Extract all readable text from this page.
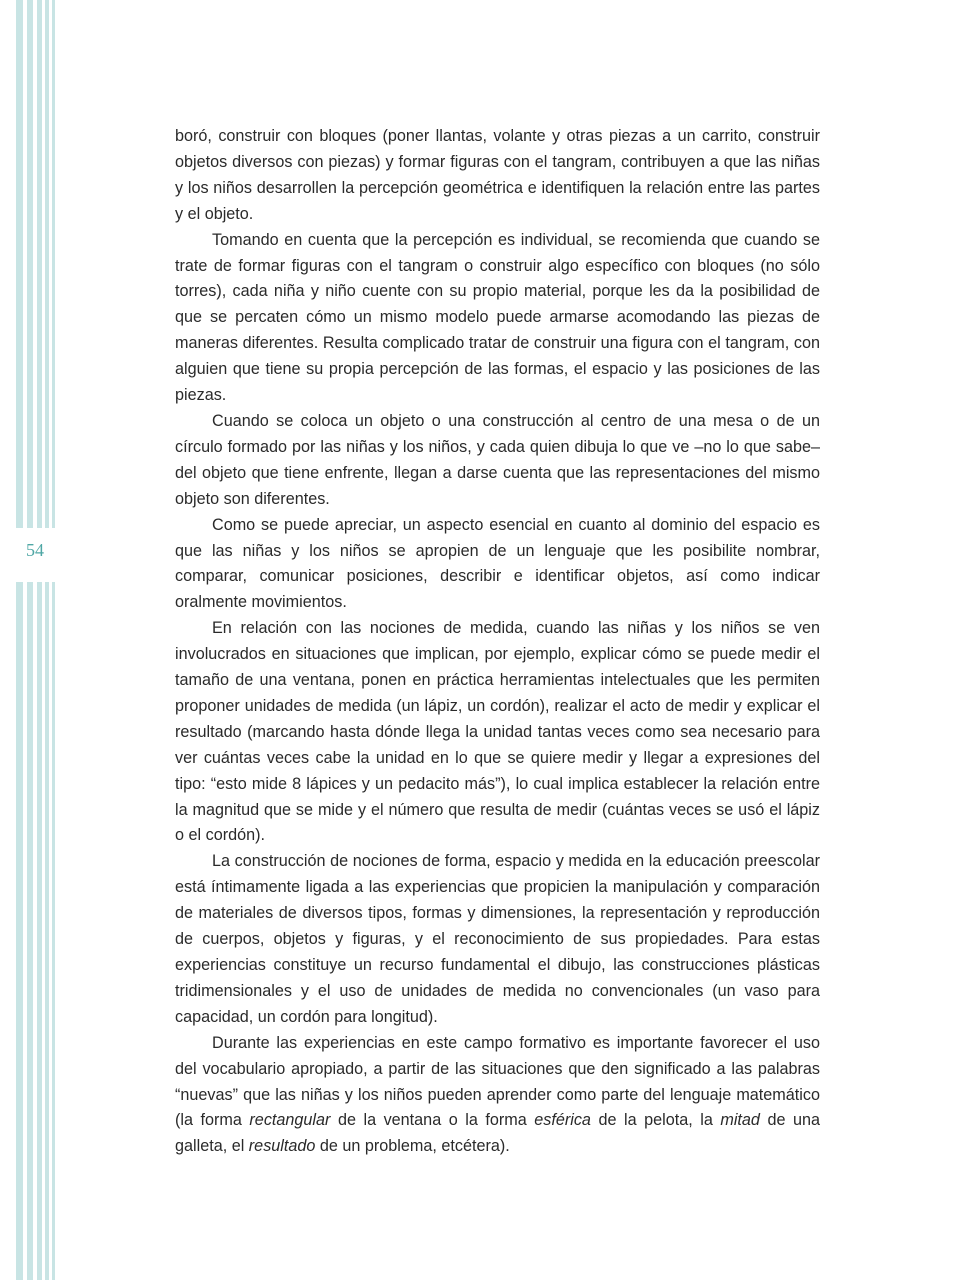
54

boró, construir con bloques (poner llantas, volante y otras piezas a un carrito, construir objetos diversos con piezas) y formar figuras con el tangram, contribuyen a que las niñas y los niños desarrollen la percepción geométrica e identifiquen la relación entre las partes y el objeto.

Tomando en cuenta que la percepción es individual, se recomienda que cuando se trate de formar figuras con el tangram o construir algo específico con bloques (no sólo torres), cada niña y niño cuente con su propio material, porque les da la posibilidad de que se percaten cómo un mismo modelo puede armarse acomodando las piezas de maneras diferentes. Resulta complicado tratar de construir una figura con el tangram, con alguien que tiene su propia percepción de las formas, el espacio y las posiciones de las piezas.

Cuando se coloca un objeto o una construcción al centro de una mesa o de un círculo formado por las niñas y los niños, y cada quien dibuja lo que ve –no lo que sabe– del objeto que tiene enfrente, llegan a darse cuenta que las representaciones del mismo objeto son diferentes.

Como se puede apreciar, un aspecto esencial en cuanto al dominio del espacio es que las niñas y los niños se apropien de un lenguaje que les posibilite nombrar, comparar, comunicar posiciones, describir e identificar objetos, así como indicar oralmente movimientos.

En relación con las nociones de medida, cuando las niñas y los niños se ven involucrados en situaciones que implican, por ejemplo, explicar cómo se puede medir el tamaño de una ventana, ponen en práctica herramientas intelectuales que les permiten proponer unidades de medida (un lápiz, un cordón), realizar el acto de medir y explicar el resultado (marcando hasta dónde llega la unidad tantas veces como sea necesario para ver cuántas veces cabe la unidad en lo que se quiere medir y llegar a expresiones del tipo: “esto mide 8 lápices y un pedacito más”), lo cual implica establecer la relación entre la magnitud que se mide y el número que resulta de medir (cuántas veces se usó el lápiz o el cordón).

La construcción de nociones de forma, espacio y medida en la educación preescolar está íntimamente ligada a las experiencias que propicien la manipulación y comparación de materiales de diversos tipos, formas y dimensiones, la representación y reproducción de cuerpos, objetos y figuras, y el reconocimiento de sus propiedades. Para estas experiencias constituye un recurso fundamental el dibujo, las construcciones plásticas tridimensionales y el uso de unidades de medida no convencionales (un vaso para capacidad, un cordón para longitud).

Durante las experiencias en este campo formativo es importante favorecer el uso del vocabulario apropiado, a partir de las situaciones que den significado a las palabras “nuevas” que las niñas y los niños pueden aprender como parte del lenguaje matemático (la forma rectangular de la ventana o la forma esférica de la pelota, la mitad de una galleta, el resultado de un problema, etcétera).
